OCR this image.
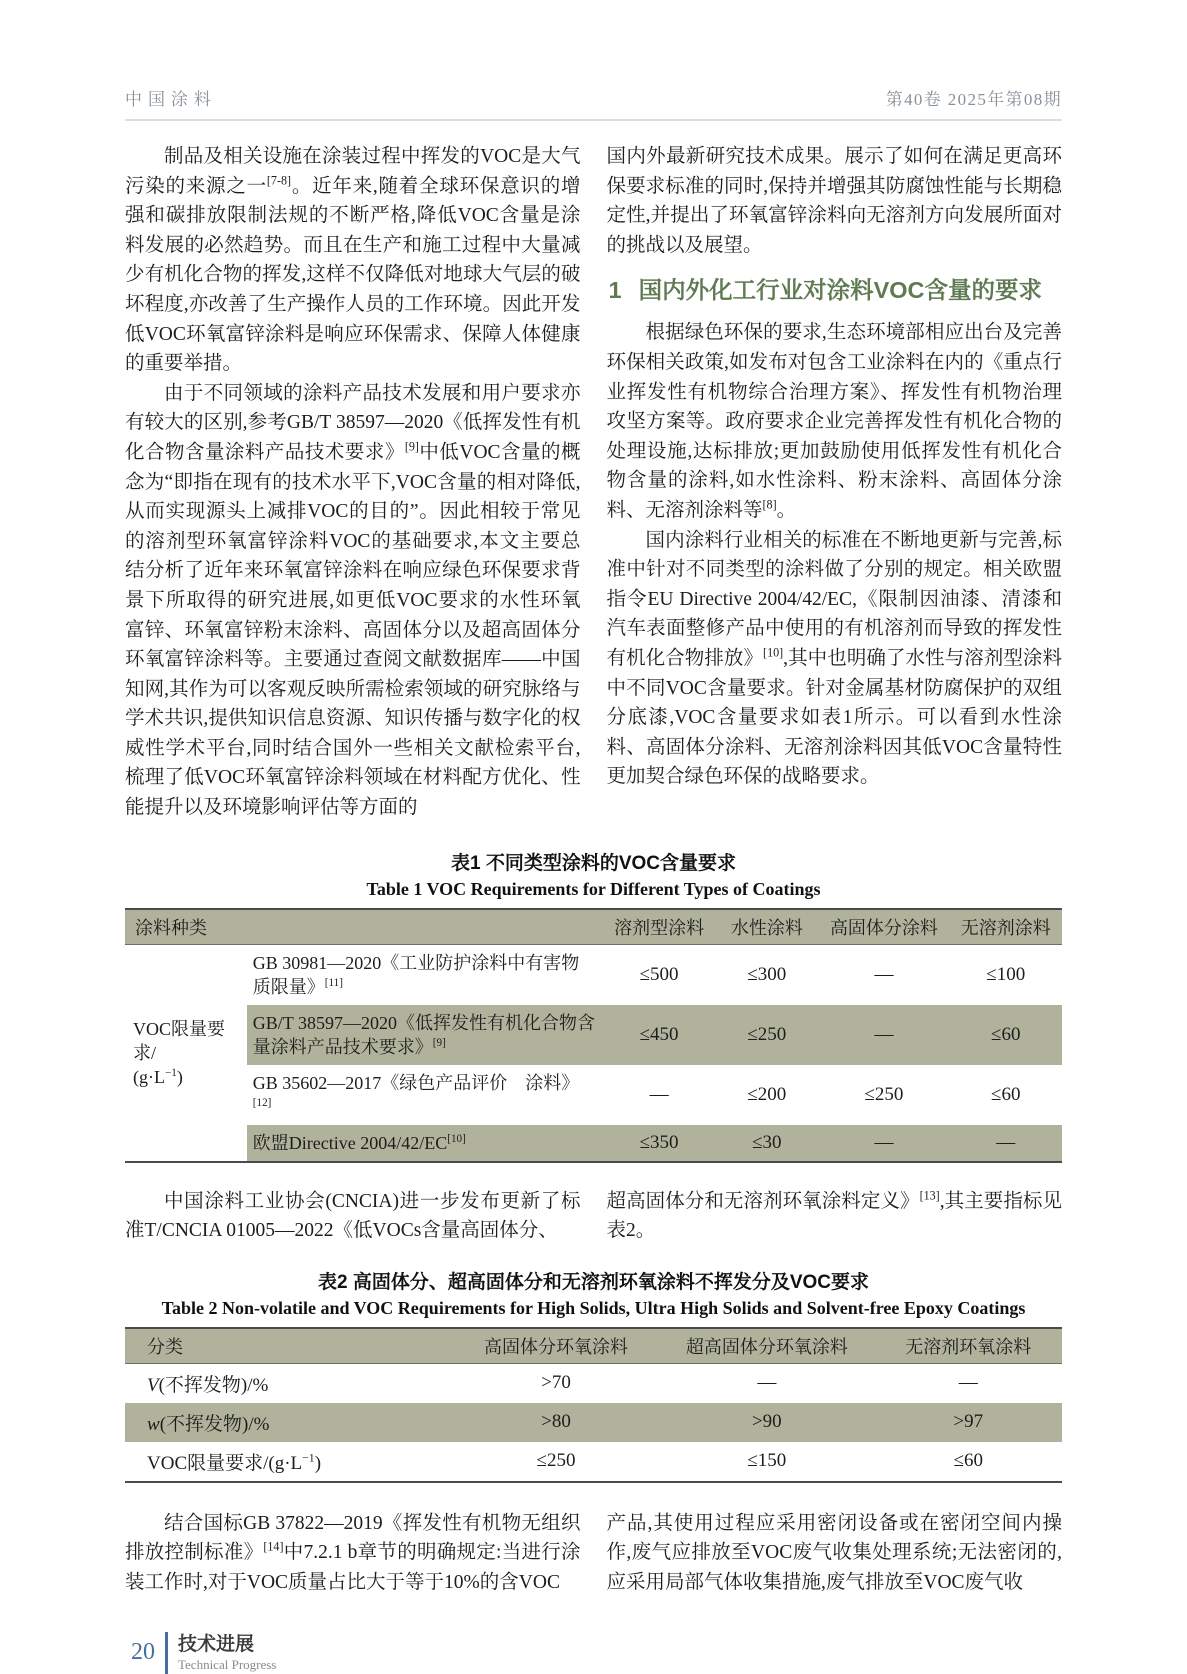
中国涂料	第40卷 2025年第08期

制品及相关设施在涂装过程中挥发的VOC是大气污染的来源之一[7-8]。近年来,随着全球环保意识的增强和碳排放限制法规的不断严格,降低VOC含量是涂料发展的必然趋势。而且在生产和施工过程中大量减少有机化合物的挥发,这样不仅降低对地球大气层的破坏程度,亦改善了生产操作人员的工作环境。因此开发低VOC环氧富锌涂料是响应环保需求、保障人体健康的重要举措。

由于不同领域的涂料产品技术发展和用户要求亦有较大的区别,参考GB/T 38597—2020《低挥发性有机化合物含量涂料产品技术要求》[9]中低VOC含量的概念为“即指在现有的技术水平下,VOC含量的相对降低,从而实现源头上减排VOC的目的”。因此相较于常见的溶剂型环氧富锌涂料VOC的基础要求,本文主要总结分析了近年来环氧富锌涂料在响应绿色环保要求背景下所取得的研究进展,如更低VOC要求的水性环氧富锌、环氧富锌粉末涂料、高固体分以及超高固体分环氧富锌涂料等。主要通过查阅文献数据库——中国知网,其作为可以客观反映所需检索领域的研究脉络与学术共识,提供知识信息资源、知识传播与数字化的权威性学术平台,同时结合国外一些相关文献检索平台,梳理了低VOC环氧富锌涂料领域在材料配方优化、性能提升以及环境影响评估等方面的

国内外最新研究技术成果。展示了如何在满足更高环保要求标准的同时,保持并增强其防腐蚀性能与长期稳定性,并提出了环氧富锌涂料向无溶剂方向发展所面对的挑战以及展望。

1 国内外化工行业对涂料VOC含量的要求

根据绿色环保的要求,生态环境部相应出台及完善环保相关政策,如发布对包含工业涂料在内的《重点行业挥发性有机物综合治理方案》、挥发性有机物治理攻坚方案等。政府要求企业完善挥发性有机化合物的处理设施,达标排放;更加鼓励使用低挥发性有机化合物含量的涂料,如水性涂料、粉末涂料、高固体分涂料、无溶剂涂料等[8]。

国内涂料行业相关的标准在不断地更新与完善,标准中针对不同类型的涂料做了分别的规定。相关欧盟指令EU Directive 2004/42/EC,《限制因油漆、清漆和汽车表面整修产品中使用的有机溶剂而导致的挥发性有机化合物排放》[10],其中也明确了水性与溶剂型涂料中不同VOC含量要求。针对金属基材防腐保护的双组分底漆,VOC含量要求如表1所示。可以看到水性涂料、高固体分涂料、无溶剂涂料因其低VOC含量特性更加契合绿色环保的战略要求。

表1 不同类型涂料的VOC含量要求
Table 1 VOC Requirements for Different Types of Coatings
涂料种类		溶剂型涂料	水性涂料	高固体分涂料	无溶剂涂料
VOC限量要求/
$(g\cdot L^{-1})$	GB 30981—2020《工业防护涂料中有害物质限量》[11]	≤500	≤300	—	≤100
	GB/T 38597—2020《低挥发性有机化合物含量涂料产品技术要求》[9]	≤450	≤250	—	≤60
	GB 35602—2017《绿色产品评价　涂料》[12]	—	≤200	≤250	≤60
	欧盟Directive 2004/42/EC[10]	≤350	≤30	—	—

中国涂料工业协会(CNCIA)进一步发布更新了标准T/CNCIA 01005—2022《低VOCs含量高固体分、

超高固体分和无溶剂环氧涂料定义》[13],其主要指标见表2。

表2 高固体分、超高固体分和无溶剂环氧涂料不挥发分及VOC要求
Table 2 Non-volatile and VOC Requirements for High Solids, Ultra High Solids and Solvent-free Epoxy Coatings
分类	高固体分环氧涂料	超高固体分环氧涂料	无溶剂环氧涂料
V(不挥发物)/%	>70	—	—
w(不挥发物)/%	>80	>90	>97
VOC限量要求$/(g\cdot L^{-1})$	≤250	≤150	≤60

结合国标GB 37822—2019《挥发性有机物无组织排放控制标准》[14]中7.2.1 b章节的明确规定:当进行涂装工作时,对于VOC质量占比大于等于10%的含VOC

产品,其使用过程应采用密闭设备或在密闭空间内操作,废气应排放至VOC废气收集处理系统;无法密闭的,应采用局部气体收集措施,废气排放至VOC废气收

20 技术进展
Technical Progress
